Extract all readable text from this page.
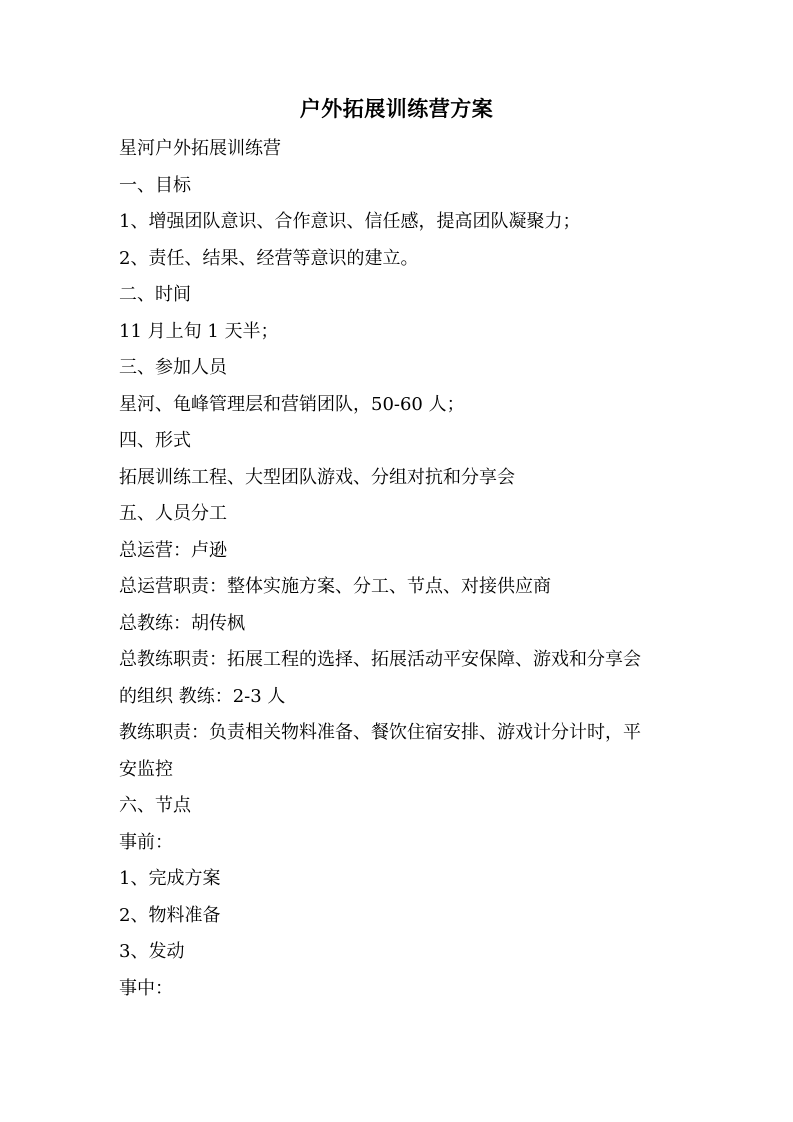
户外拓展训练营方案
星河户外拓展训练营
一、目标
1、增强团队意识、合作意识、信任感，提高团队凝聚力；
2、责任、结果、经营等意识的建立。
二、时间
11 月上旬 1 天半；
三、参加人员
星河、龟峰管理层和营销团队，50-60 人；
四、形式
拓展训练工程、大型团队游戏、分组对抗和分享会
五、人员分工
总运营：卢逊
总运营职责：整体实施方案、分工、节点、对接供应商
总教练：胡传枫
总教练职责：拓展工程的选择、拓展活动平安保障、游戏和分享会
的组织 教练：2-3 人
教练职责：负责相关物料准备、餐饮住宿安排、游戏计分计时，平
安监控
六、节点
事前：
1、完成方案
2、物料准备
3、发动
事中：
